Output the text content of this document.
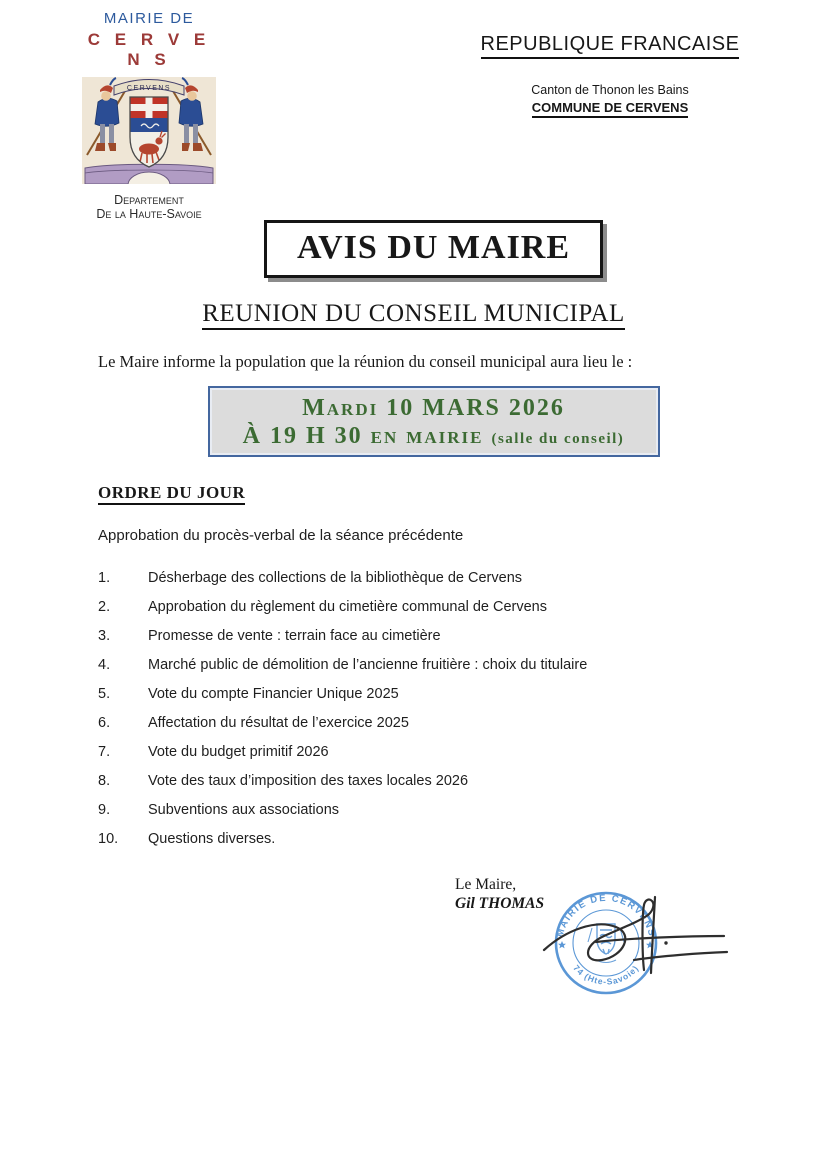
MAIRIE DE
C E R V E N S
CERVENS
Departement
De la Haute-Savoie
REPUBLIQUE FRANCAISE
Canton de Thonon les Bains
COMMUNE DE CERVENS
AVIS DU MAIRE
REUNION DU CONSEIL MUNICIPAL

Le Maire informe la population que la réunion du conseil municipal aura lieu le :

Mardi 10 MARS 2026
À 19 H 30 en mairie (salle du conseil)
ORDRE DU JOUR

Approbation du procès-verbal de la séance précédente

1.	Désherbage des collections de la bibliothèque de Cervens
2.	Approbation du règlement du cimetière communal de Cervens
3.	Promesse de vente : terrain face au cimetière
4.	Marché public de démolition de l’ancienne fruitière : choix du titulaire
5.	Vote du compte Financier Unique 2025
6.	Affectation du résultat de l’exercice 2025
7.	Vote du budget primitif 2026
8.	Vote des taux d’imposition des taxes locales 2026
9.	Subventions aux associations
10.	Questions diverses.
Le Maire,
Gil THOMAS
MAIRIE DE CERVENS
74 (Hte-Savoie)
